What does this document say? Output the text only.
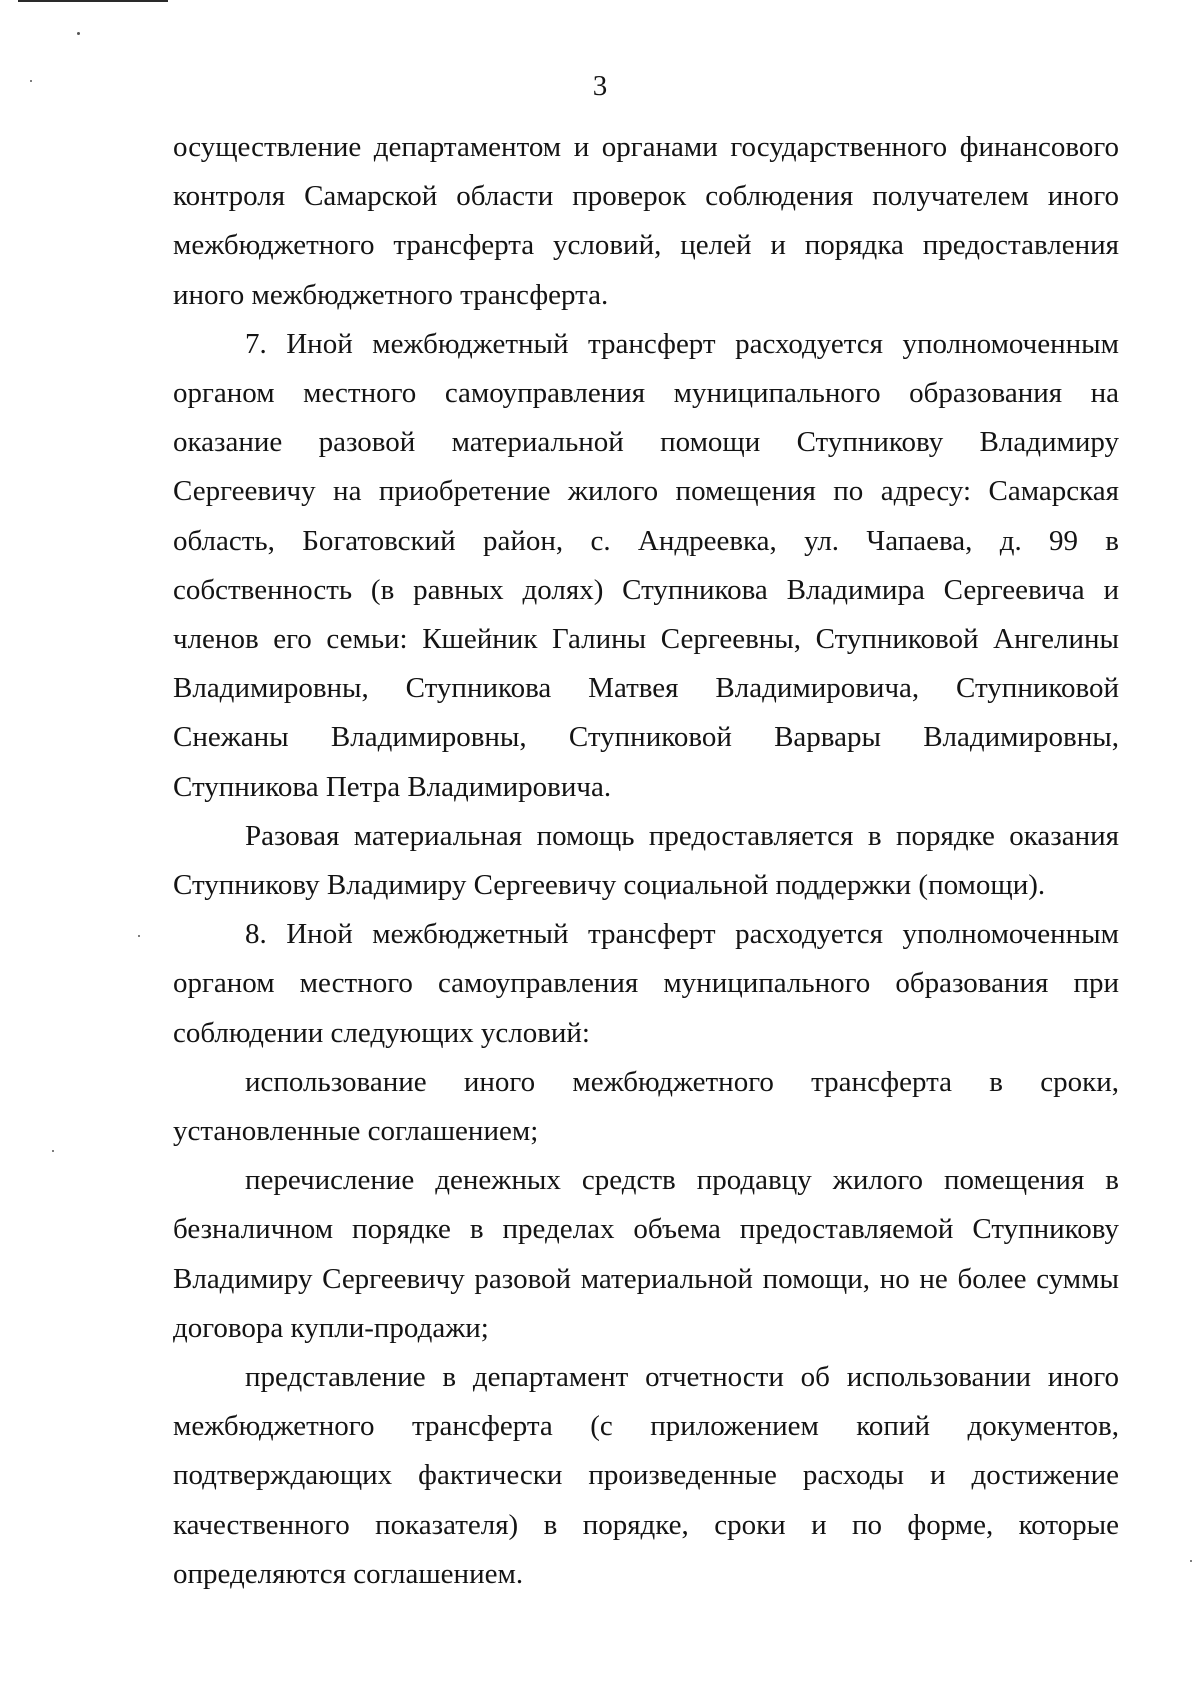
3

осуществление департаментом и органами государственного финансового контроля Самарской области проверок соблюдения получателем иного межбюджетного трансферта условий, целей и порядка предоставления иного межбюджетного трансферта.

7. Иной межбюджетный трансферт расходуется уполномоченным органом местного самоуправления муниципального образования на оказание разовой материальной помощи Ступникову Владимиру Сергеевичу на приобретение жилого помещения по адресу: Самарская область, Богатовский район, с. Андреевка, ул. Чапаева, д. 99 в собственность (в равных долях) Ступникова Владимира Сергеевича и членов его семьи: Кшейник Галины Сергеевны, Ступниковой Ангелины Владимировны, Ступникова Матвея Владимировича, Ступниковой Снежаны Владимировны, Ступниковой Варвары Владимировны, Ступникова Петра Владимировича.

Разовая материальная помощь предоставляется в порядке оказания Ступникову Владимиру Сергеевичу социальной поддержки (помощи).

8. Иной межбюджетный трансферт расходуется уполномоченным органом местного самоуправления муниципального образования при соблюдении следующих условий:

использование иного межбюджетного трансферта в сроки, установленные соглашением;

перечисление денежных средств продавцу жилого помещения в безналичном порядке в пределах объема предоставляемой Ступникову Владимиру Сергеевичу разовой материальной помощи, но не более суммы договора купли-продажи;

представление в департамент отчетности об использовании иного межбюджетного трансферта (с приложением копий документов, подтверждающих фактически произведенные расходы и достижение качественного показателя) в порядке, сроки и по форме, которые определяются соглашением.
